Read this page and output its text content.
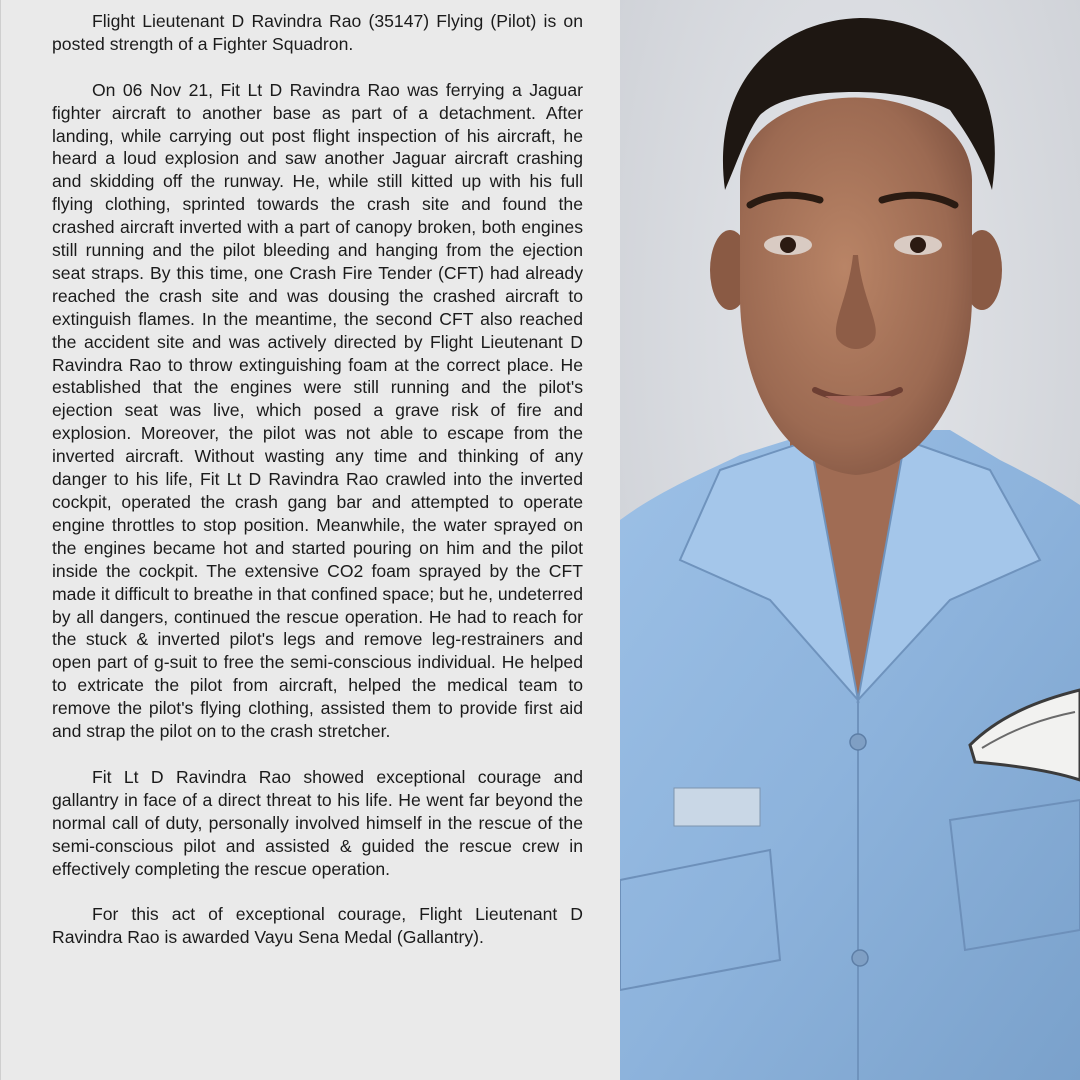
Flight Lieutenant D Ravindra Rao (35147) Flying (Pilot) is on posted strength of a Fighter Squadron.

On 06 Nov 21, Fit Lt D Ravindra Rao was ferrying a Jaguar fighter aircraft to another base as part of a detachment. After landing, while carrying out post flight inspection of his aircraft, he heard a loud explosion and saw another Jaguar aircraft crashing and skidding off the runway. He, while still kitted up with his full flying clothing, sprinted towards the crash site and found the crashed aircraft inverted with a part of canopy broken, both engines still running and the pilot bleeding and hanging from the ejection seat straps. By this time, one Crash Fire Tender (CFT) had already reached the crash site and was dousing the crashed aircraft to extinguish flames. In the meantime, the second CFT also reached the accident site and was actively directed by Flight Lieutenant D Ravindra Rao to throw extinguishing foam at the correct place. He established that the engines were still running and the pilot's ejection seat was live, which posed a grave risk of fire and explosion. Moreover, the pilot was not able to escape from the inverted aircraft. Without wasting any time and thinking of any danger to his life, Fit Lt D Ravindra Rao crawled into the inverted cockpit, operated the crash gang bar and attempted to operate engine throttles to stop position. Meanwhile, the water sprayed on the engines became hot and started pouring on him and the pilot inside the cockpit. The extensive CO2 foam sprayed by the CFT made it difficult to breathe in that confined space; but he, undeterred by all dangers, continued the rescue operation. He had to reach for the stuck & inverted pilot's legs and remove leg-restrainers and open part of g-suit to free the semi-conscious individual. He helped to extricate the pilot from aircraft, helped the medical team to remove the pilot's flying clothing, assisted them to provide first aid and strap the pilot on to the crash stretcher.

Fit Lt D Ravindra Rao showed exceptional courage and gallantry in face of a direct threat to his life. He went far beyond the normal call of duty, personally involved himself in the rescue of the semi-conscious pilot and assisted & guided the rescue crew in effectively completing the rescue operation.

For this act of exceptional courage, Flight Lieutenant D Ravindra Rao is awarded Vayu Sena Medal (Gallantry).
